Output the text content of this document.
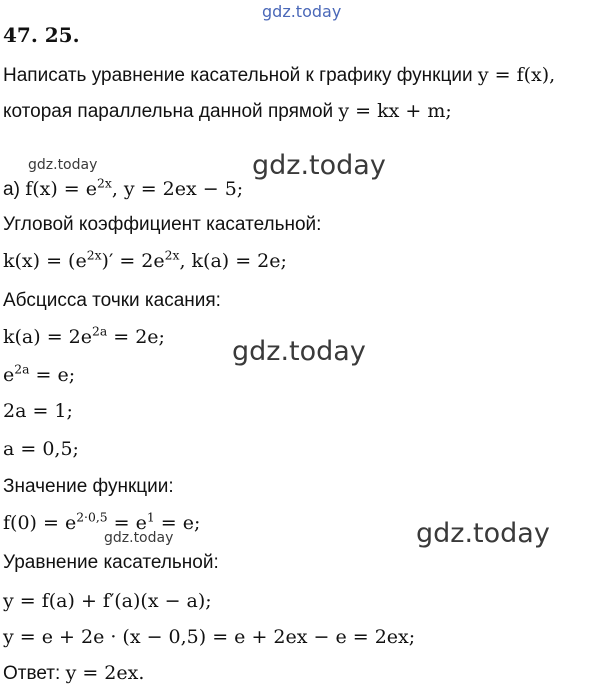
gdz.today
gdz.today	gdz.today
gdz.today
gdz.today	gdz.today
47. 25.
Написать уравнение касательной к графику функции y = f(x),
которая параллельна данной прямой y = kx + m;
а) $f(x) = e^{2x}$, y = 2ex − 5;
Угловой коэффициент касательной:
$k(x) = (e^{2x})' = 2e^{2x}$, k(a) = 2e;
Абсцисса точки касания:
$k(a) = 2e^{2a} = 2e$;
$e^{2a} = e$;
2a = 1;
a = 0,5;
Значение функции:
$f(0) = e^{2\cdot 0,5} = e^1 = e$;
Уравнение касательной:
y = f(a) + f′(a)(x − a);
y = e + 2e · (x − 0,5) = e + 2ex − e = 2ex;
Ответ: y = 2ex.
